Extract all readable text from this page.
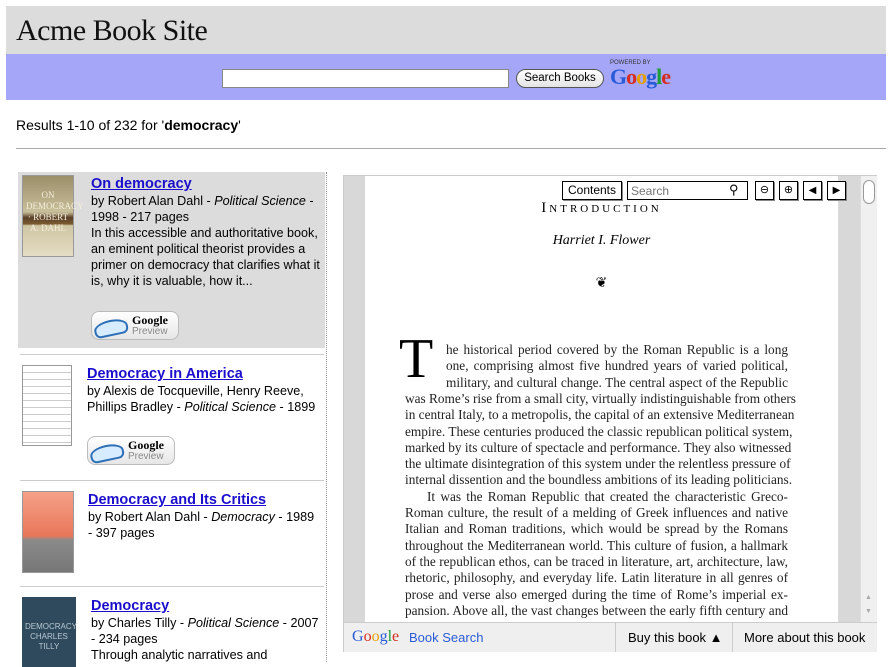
Acme Book Site
Search Books
POWERED BY
Google
Results 1-10 of 232 for 'democracy'
ON DEMOCRACY · ROBERT A. DAHL
On democracy
by Robert Alan Dahl - Political Science - 1998 - 217 pages
In this accessible and authoritative book, an eminent political theorist provides a primer on democracy that clarifies what it is, why it is valuable, how it...
Google
Preview
Democracy in America
by Alexis de Tocqueville, Henry Reeve, Phillips Bradley - Political Science - 1899
Google
Preview
Democracy and Its Critics
by Robert Alan Dahl - Democracy - 1989 - 397 pages
DEMOCRACY CHARLES TILLY
Democracy
by Charles Tilly - Political Science - 2007 - 234 pages
Through analytic narratives and
Introduction
Harriet I. Flower
❦
T he historical period covered by the Roman Republic is a long
one, comprising almost five hundred years of varied political,
military, and cultural change. The central aspect of the Republic
was Rome’s rise from a small city, virtually indistinguishable from others
in central Italy, to a metropolis, the capital of an extensive Mediterranean
empire. These centuries produced the classic republican political system,
marked by its culture of spectacle and performance. They also witnessed
the ultimate disintegration of this system under the relentless pressure of
internal dissention and the boundless ambitions of its leading politicians.
It was the Roman Republic that created the characteristic Greco-
Roman culture, the result of a melding of Greek influences and native
Italian and Roman traditions, which would be spread by the Romans
throughout the Mediterranean world. This culture of fusion, a hallmark
of the republican ethos, can be traced in literature, art, architecture, law,
rhetoric, philosophy, and everyday life. Latin literature in all genres of
prose and verse also emerged during the time of Rome’s imperial ex-
pansion. Above all, the vast changes between the early fifth century and
Contents
Search	⚲	⊖	⊕	◀	▶
▲
▼
Google Book Search	Buy this book ▲	More about this book
